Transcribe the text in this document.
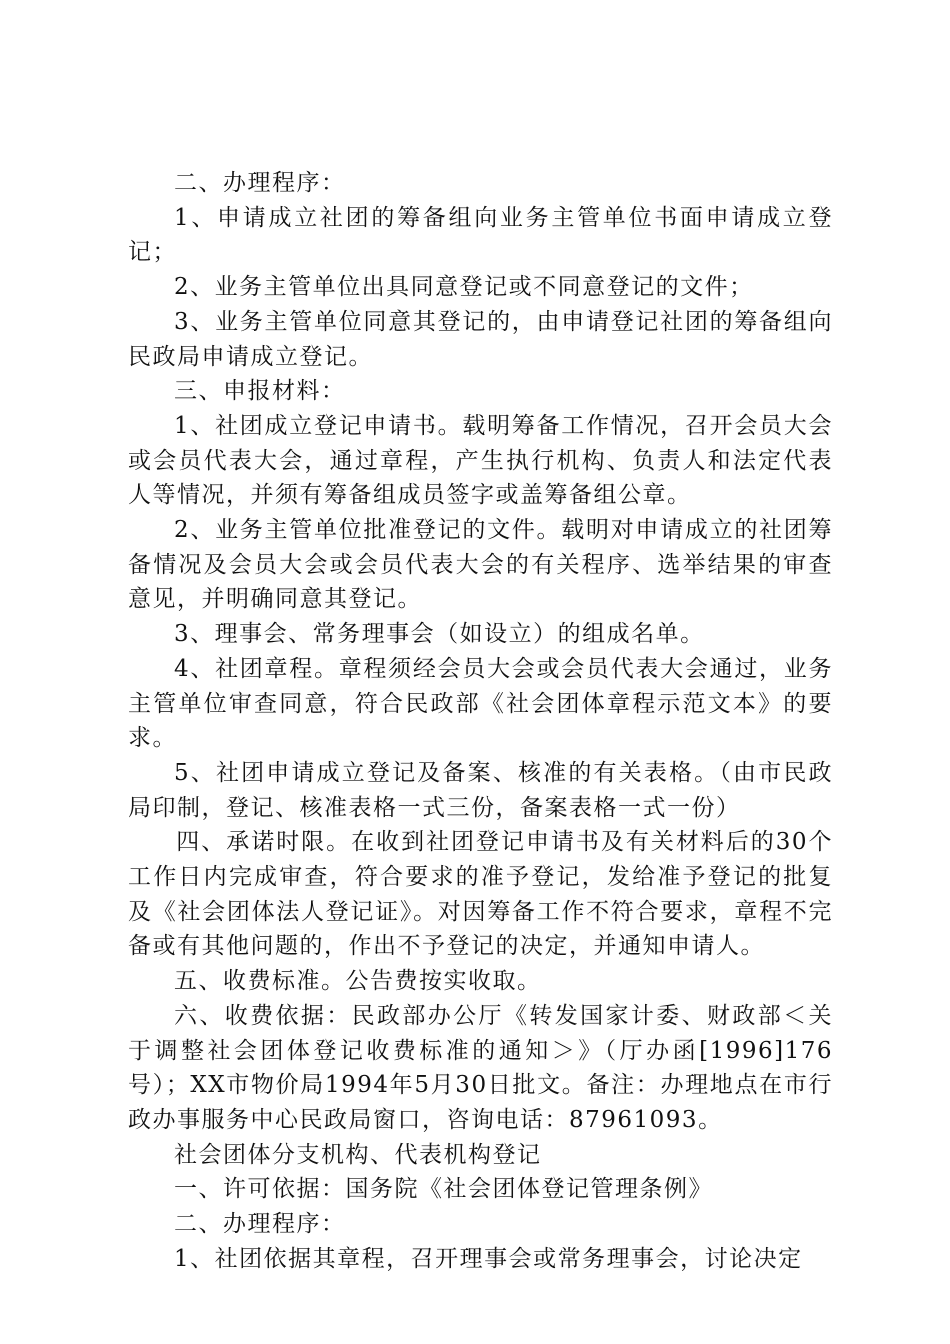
二、办理程序：

1、申请成立社团的筹备组向业务主管单位书面申请成立登记；

2、业务主管单位出具同意登记或不同意登记的文件；

3、业务主管单位同意其登记的，由申请登记社团的筹备组向民政局申请成立登记。

三、申报材料：

1、社团成立登记申请书。载明筹备工作情况，召开会员大会或会员代表大会，通过章程，产生执行机构、负责人和法定代表人等情况，并须有筹备组成员签字或盖筹备组公章。

2、业务主管单位批准登记的文件。载明对申请成立的社团筹备情况及会员大会或会员代表大会的有关程序、选举结果的审查意见，并明确同意其登记。

3、理事会、常务理事会（如设立）的组成名单。

4、社团章程。章程须经会员大会或会员代表大会通过，业务主管单位审查同意，符合民政部《社会团体章程示范文本》的要求。

5、社团申请成立登记及备案、核准的有关表格。（由市民政局印制，登记、核准表格一式三份，备案表格一式一份）

四、承诺时限。在收到社团登记申请书及有关材料后的30个工作日内完成审查，符合要求的准予登记，发给准予登记的批复及《社会团体法人登记证》。对因筹备工作不符合要求，章程不完备或有其他问题的，作出不予登记的决定，并通知申请人。

五、收费标准。公告费按实收取。

六、收费依据：民政部办公厅《转发国家计委、财政部＜关于调整社会团体登记收费标准的通知＞》（厅办函[1996]176号）；XX市物价局1994年5月30日批文。备注：办理地点在市行政办事服务中心民政局窗口，咨询电话：87961093。

社会团体分支机构、代表机构登记

一、许可依据：国务院《社会团体登记管理条例》

二、办理程序：

1、社团依据其章程，召开理事会或常务理事会，讨论决定
